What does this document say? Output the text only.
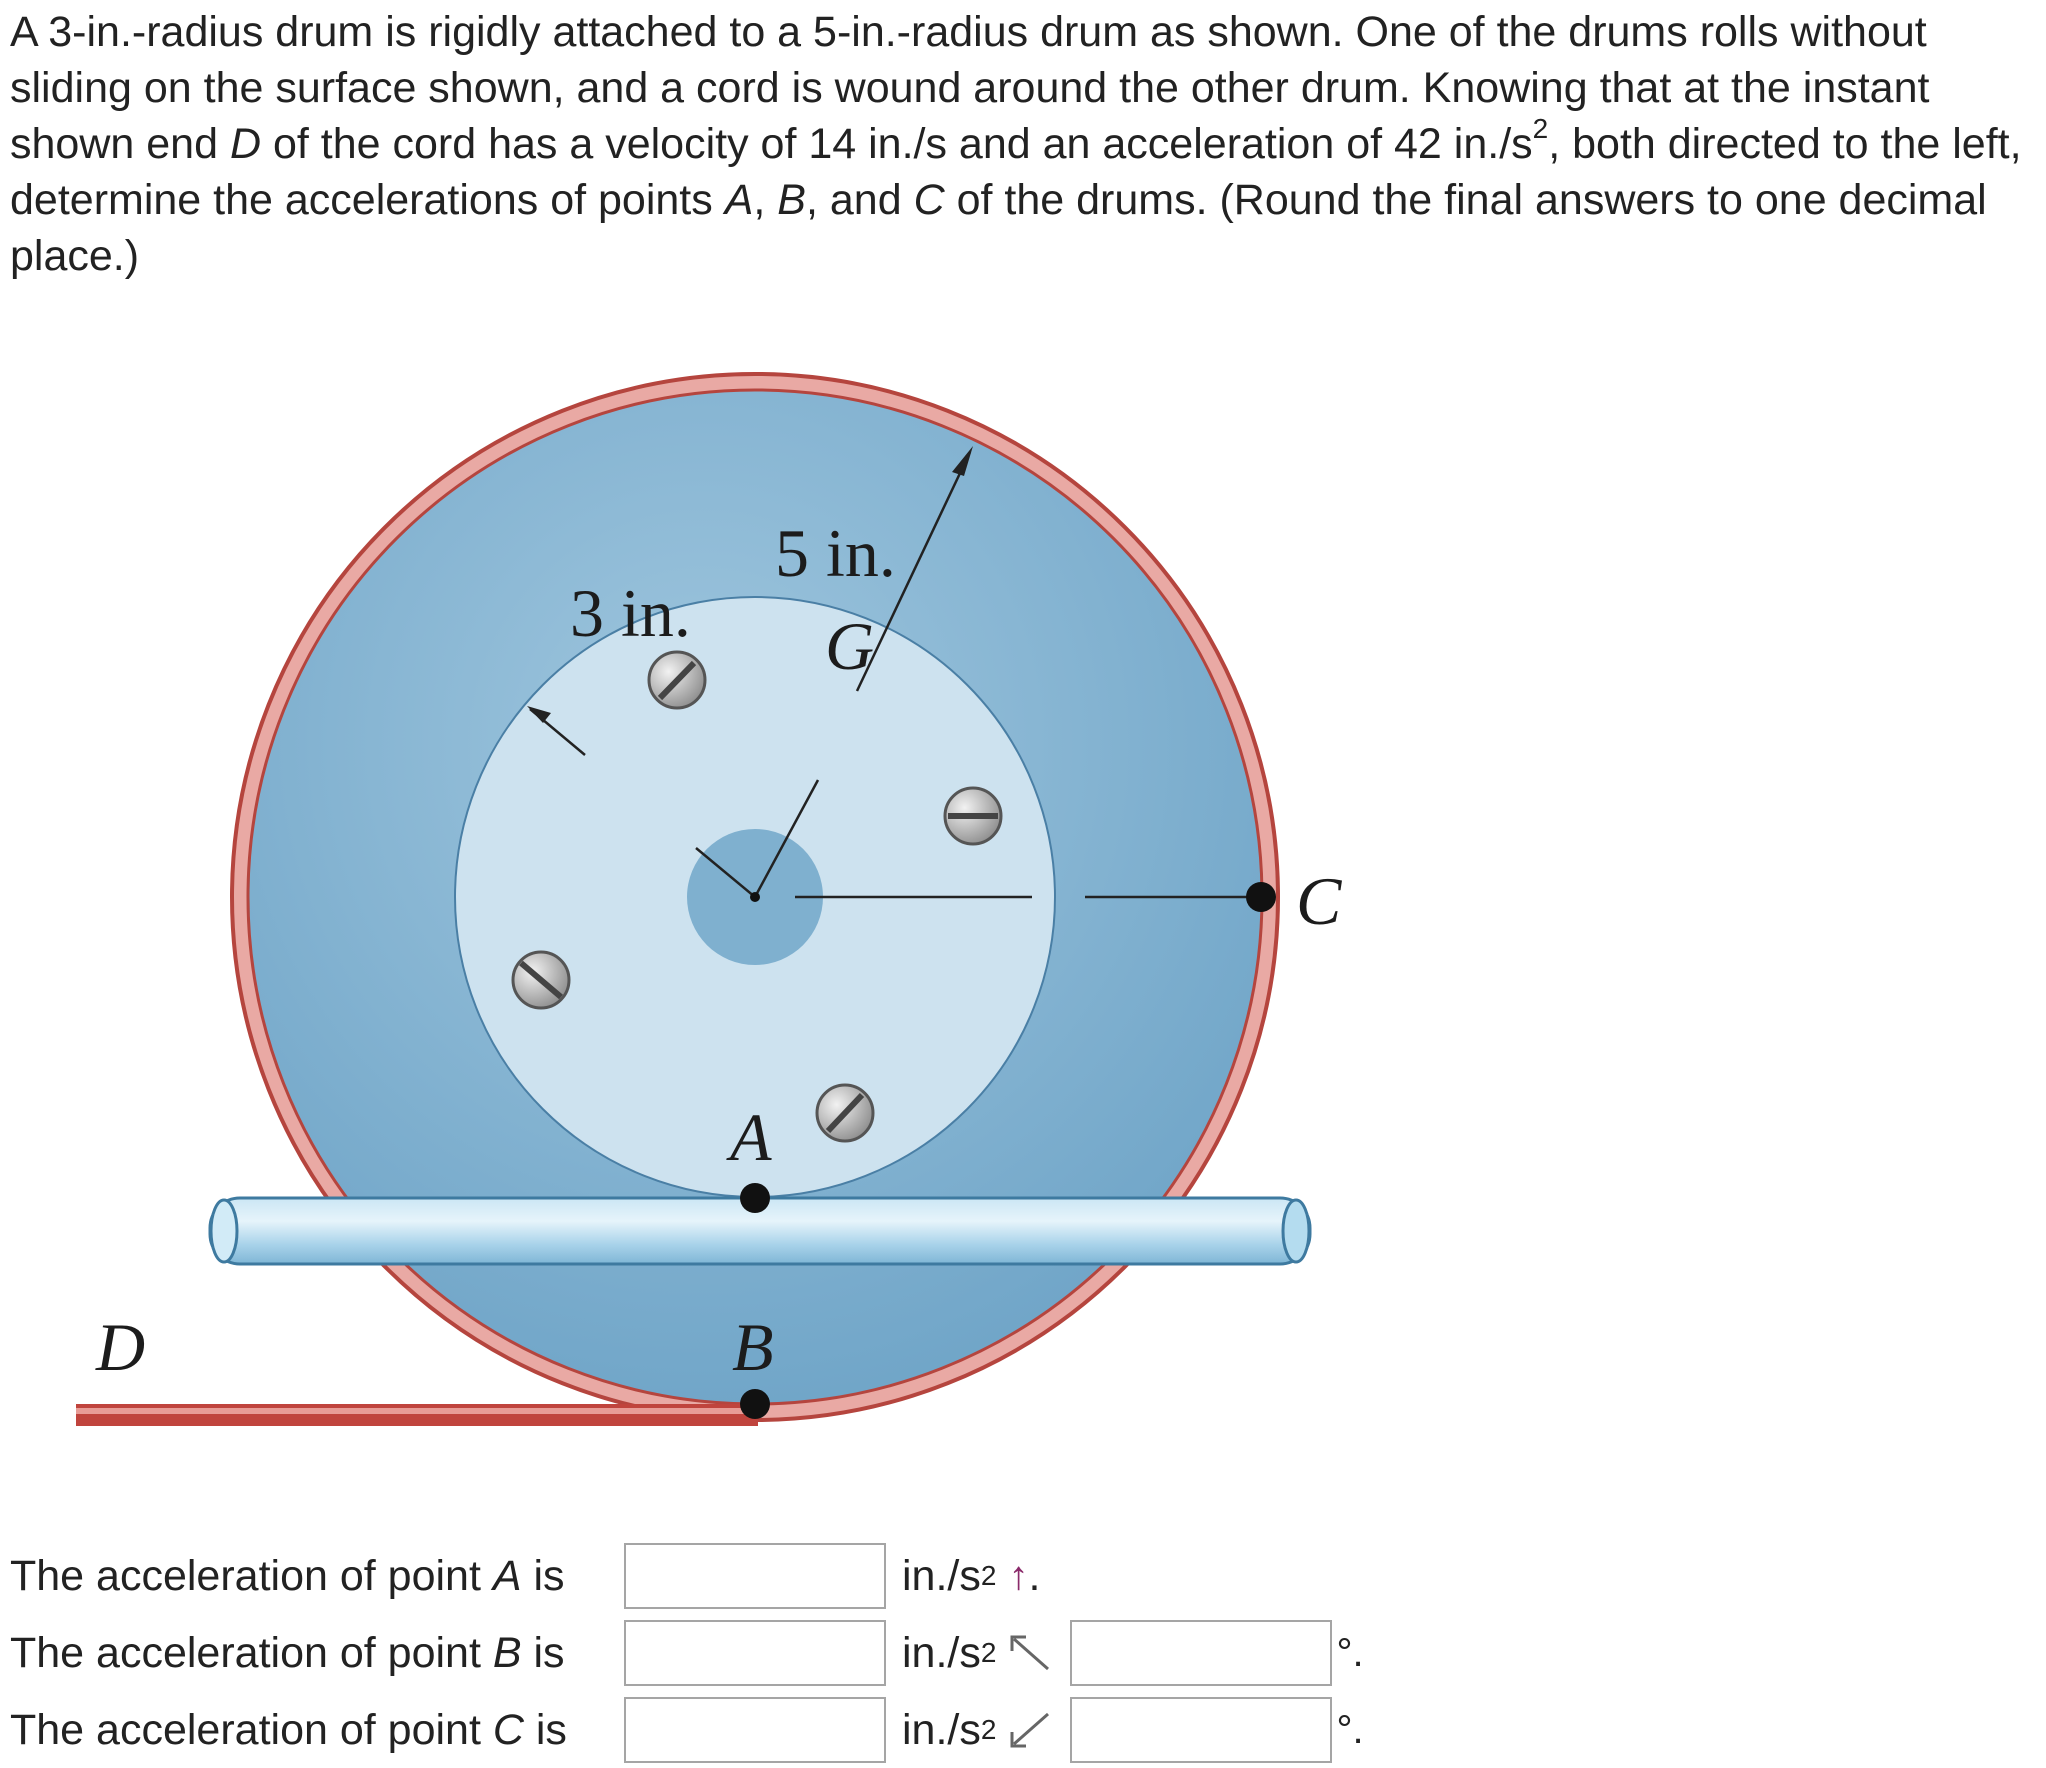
A 3-in.-radius drum is rigidly attached to a 5-in.-radius drum as shown. One of the drums rolls without sliding on the surface shown, and a cord is wound around the other drum. Knowing that at the instant shown end D of the cord has a velocity of 14 in./s and an acceleration of 42 $in./s^2$, both directed to the left, determine the accelerations of points A, B, and C of the drums. (Round the final answers to one decimal place.)

5 in.
3 in. G
C
A
B
D
The acceleration of point A is	in./s 2 ↑ .
The acceleration of point B is	in./s 2	°.
The acceleration of point C is	in./s 2	°.
